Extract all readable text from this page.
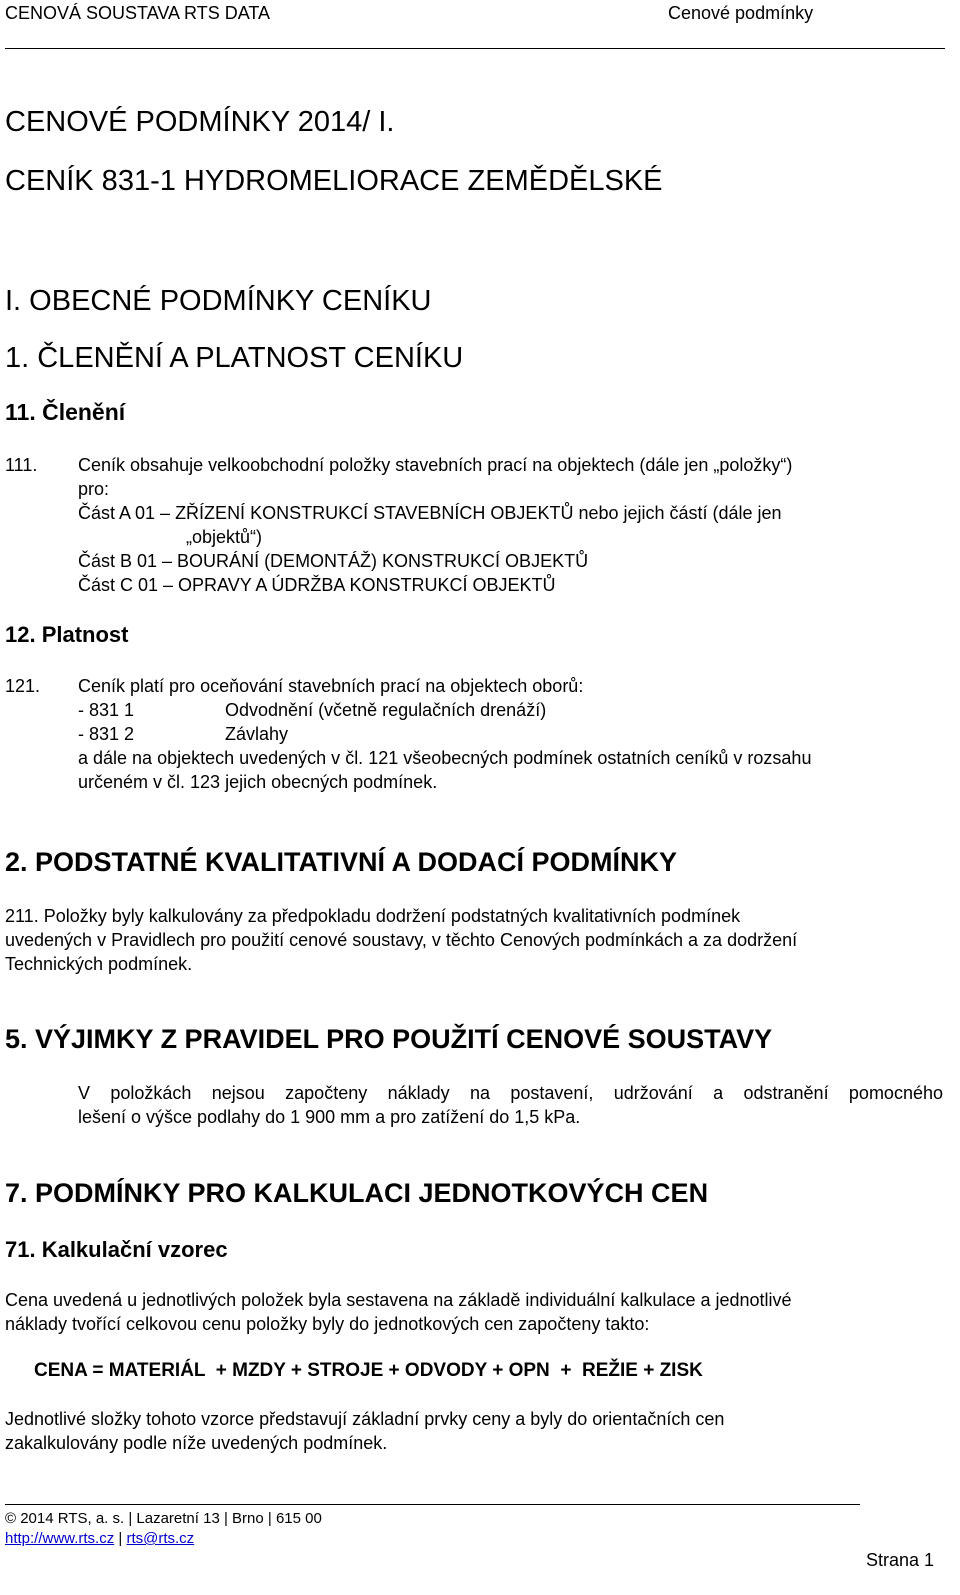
CENOVÁ SOUSTAVA RTS DATA	Cenové podmínky
CENOVÉ PODMÍNKY 2014/ I.
CENÍK 831-1 HYDROMELIORACE ZEMĚDĚLSKÉ
I. OBECNÉ PODMÍNKY CENÍKU
1. ČLENĚNÍ A PLATNOST CENÍKU
11. Členění
111. Ceník obsahuje velkoobchodní položky stavebních prací na objektech (dále jen „položky“)
pro:
Část A 01 – ZŘÍZENÍ KONSTRUKCÍ STAVEBNÍCH OBJEKTŮ nebo jejich částí (dále jen
„objektů“)
Část B 01 – BOURÁNÍ (DEMONTÁŽ) KONSTRUKCÍ OBJEKTŮ
Část C 01 – OPRAVY A ÚDRŽBA KONSTRUKCÍ OBJEKTŮ
12. Platnost
121. Ceník platí pro oceňování stavebních prací na objektech oborů:
- 831 1	Odvodnění (včetně regulačních drenáží)
- 831 2	Závlahy
a dále na objektech uvedených v čl. 121 všeobecných podmínek ostatních ceníků v rozsahu
určeném v čl. 123 jejich obecných podmínek.
2. PODSTATNÉ KVALITATIVNÍ A DODACÍ PODMÍNKY
211. Položky byly kalkulovány za předpokladu dodržení podstatných kvalitativních podmínek
uvedených v Pravidlech pro použití cenové soustavy, v těchto Cenových podmínkách a za dodržení
Technických podmínek.
5. VÝJIMKY Z PRAVIDEL PRO POUŽITÍ CENOVÉ SOUSTAVY
V položkách nejsou započteny náklady na postavení, udržování a odstranění pomocného
lešení o výšce podlahy do 1 900 mm a pro zatížení do 1,5 kPa.
7. PODMÍNKY PRO KALKULACI JEDNOTKOVÝCH CEN
71. Kalkulační vzorec
Cena uvedená u jednotlivých položek byla sestavena na základě individuální kalkulace a jednotlivé
náklady tvořící celkovou cenu položky byly do jednotkových cen započteny takto:
CENA = MATERIÁL  + MZDY + STROJE + ODVODY + OPN  +  REŽIE + ZISK
Jednotlivé složky tohoto vzorce představují základní prvky ceny a byly do orientačních cen
zakalkulovány podle níže uvedených podmínek.
© 2014 RTS, a. s. | Lazaretní 13 | Brno | 615 00
http://www.rts.cz | rts@rts.cz
Strana 1
